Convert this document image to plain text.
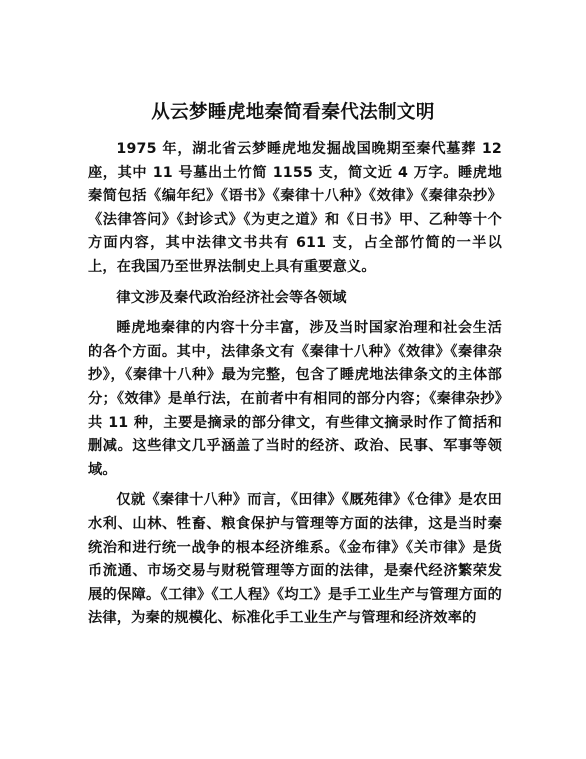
从云梦睡虎地秦简看秦代法制文明

1975 年，湖北省云梦睡虎地发掘战国晚期至秦代墓葬 12 座，其中 11 号墓出土竹简 1155 支，简文近 4 万字。睡虎地秦简包括《编年纪》《语书》《秦律十八种》《效律》《秦律杂抄》《法律答问》《封诊式》《为吏之道》和《日书》甲、乙种等十个方面内容，其中法律文书共有 611 支，占全部竹简的一半以上，在我国乃至世界法制史上具有重要意义。

律文涉及秦代政治经济社会等各领域

睡虎地秦律的内容十分丰富，涉及当时国家治理和社会生活的各个方面。其中，法律条文有《秦律十八种》《效律》《秦律杂抄》，《秦律十八种》最为完整，包含了睡虎地法律条文的主体部分；《效律》是单行法，在前者中有相同的部分内容；《秦律杂抄》共 11 种，主要是摘录的部分律文，有些律文摘录时作了简括和删减。这些律文几乎涵盖了当时的经济、政治、民事、军事等领域。

仅就《秦律十八种》而言，《田律》《厩苑律》《仓律》是农田水利、山林、牲畜、粮食保护与管理等方面的法律，这是当时秦统治和进行统一战争的根本经济维系。《金布律》《关市律》是货币流通、市场交易与财税管理等方面的法律，是秦代经济繁荣发展的保障。《工律》《工人程》《均工》是手工业生产与管理方面的法律，为秦的规模化、标准化手工业生产与管理和经济效率的
